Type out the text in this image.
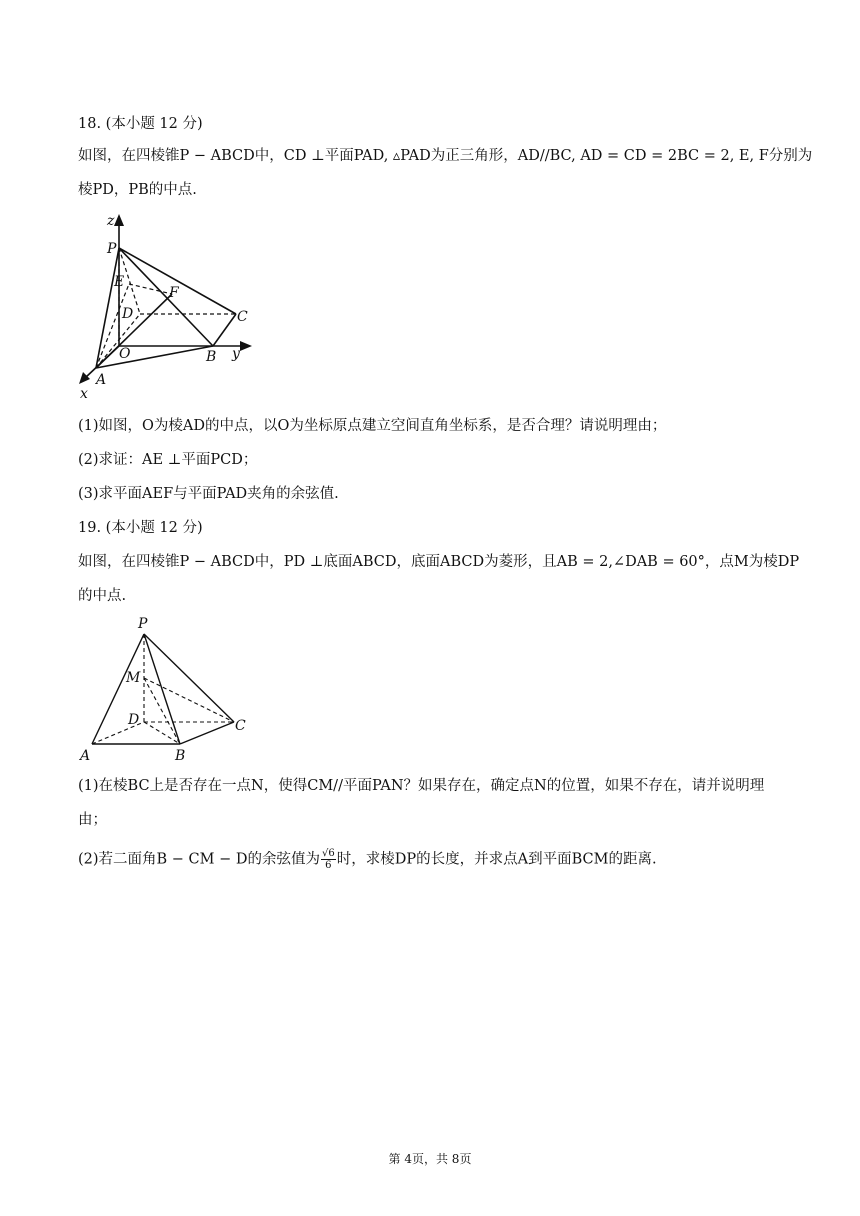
18. (本小题 12 分)
如图，在四棱锥P − ABCD中，CD ⊥平面PAD, ▵PAD为正三角形，AD//BC, AD = CD = 2BC = 2, E, F分别为
棱PD，PB的中点.
z
P
E
F
D	C
O	B y
A
x
(1)如图，O为棱AD的中点，以O为坐标原点建立空间直角坐标系，是否合理？请说明理由；
(2)求证：AE ⊥平面PCD；
(3)求平面AEF与平面PAD夹角的余弦值.
19. (本小题 12 分)
如图，在四棱锥P − ABCD中，PD ⊥底面ABCD，底面ABCD为菱形，且AB = 2,∠DAB = 60°，点M为棱DP
的中点.
P
M
D	C
A	B
(1)在棱BC上是否存在一点N，使得CM//平面PAN？如果存在，确定点N的位置，如果不存在，请并说明理
由；
(2)若二面角B − CM − D的余弦值为 $\frac{√6}{6}$ 时，求棱DP的长度，并求点A到平面BCM的距离.
第 4页，共 8页
